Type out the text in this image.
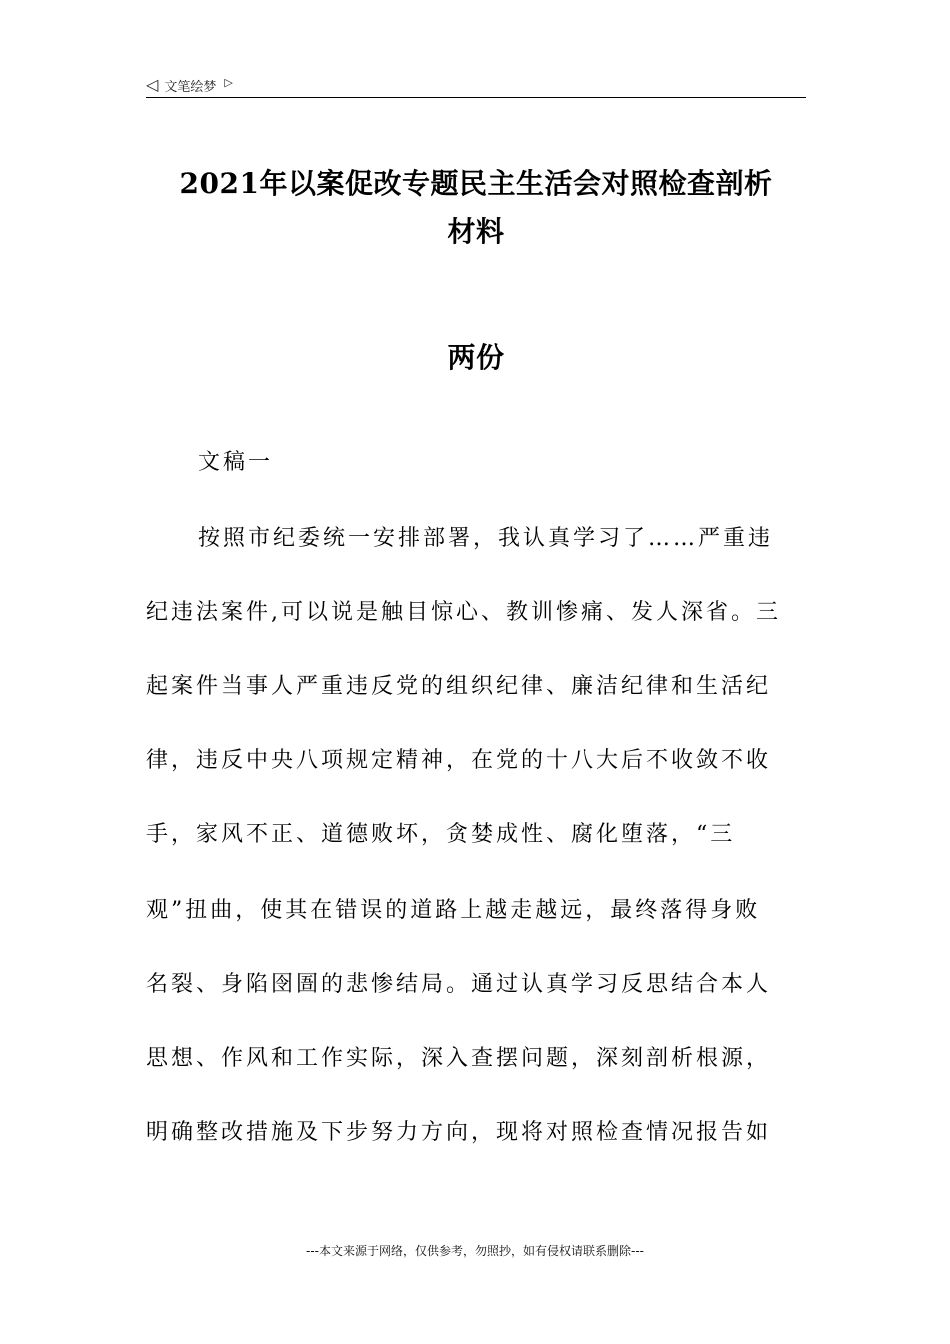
◁ 文笔绘梦 ▷
2021年以案促改专题民主生活会对照检查剖析
材料
两份
文稿一
按照市纪委统一安排部署，我认真学习了……严重违
纪违法案件,可以说是触目惊心、教训惨痛、发人深省。三
起案件当事人严重违反党的组织纪律、廉洁纪律和生活纪
律，违反中央八项规定精神，在党的十八大后不收敛不收
手，家风不正、道德败坏，贪婪成性、腐化堕落，“三
观”扭曲，使其在错误的道路上越走越远，最终落得身败
名裂、身陷囹圄的悲惨结局。通过认真学习反思结合本人
思想、作风和工作实际，深入查摆问题，深刻剖析根源，
明确整改措施及下步努力方向，现将对照检查情况报告如
---本文来源于网络，仅供参考，勿照抄，如有侵权请联系删除---
